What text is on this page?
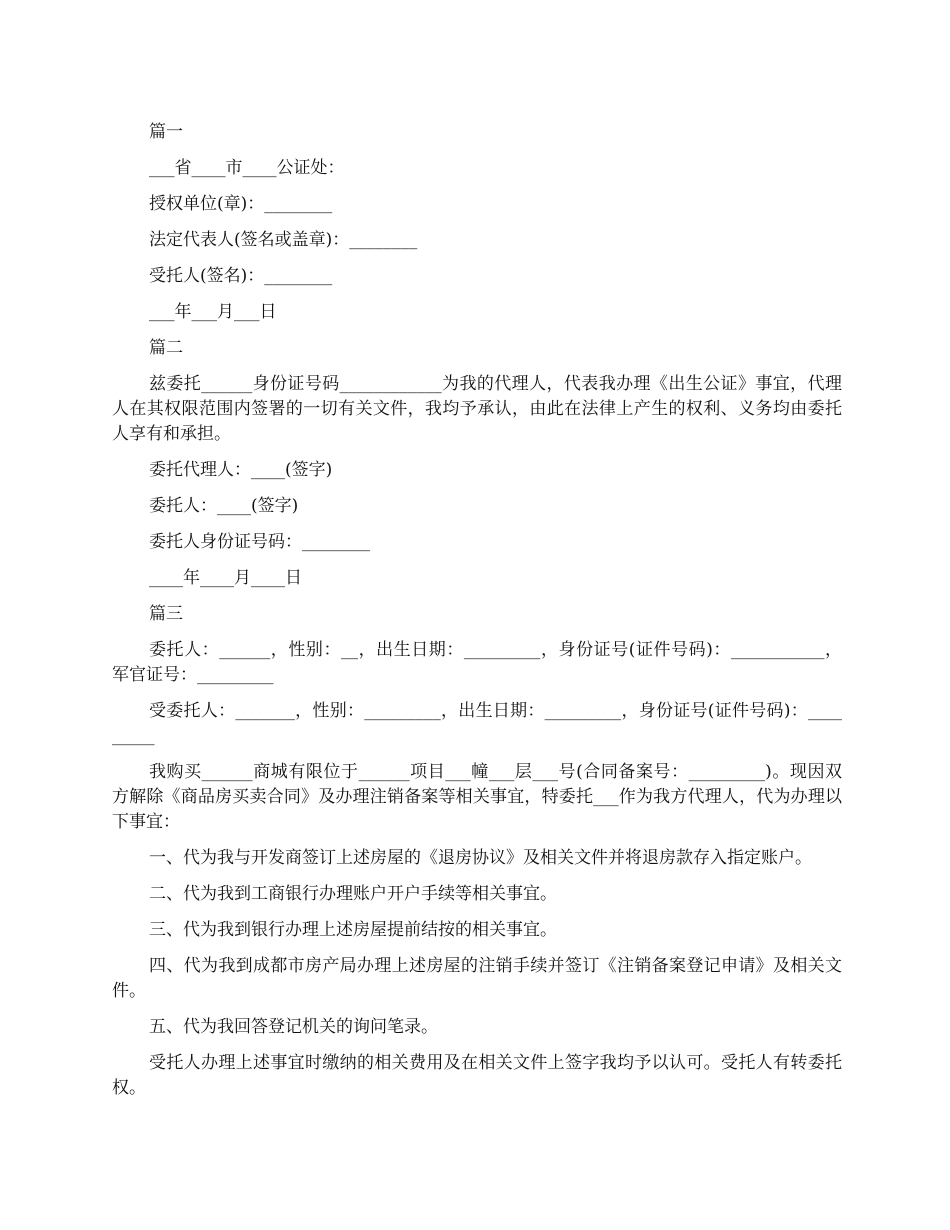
篇一

___省____市____公证处：

授权单位(章)：________

法定代表人(签名或盖章)：________

受托人(签名)：________

___年___月___日

篇二

兹委托______身份证号码____________为我的代理人，代表我办理《出生公证》事宜，代理人在其权限范围内签署的一切有关文件，我均予承认，由此在法律上产生的权利、义务均由委托人享有和承担。

委托代理人：____(签字)

委托人：____(签字)

委托人身份证号码：________

____年____月____日

篇三

委托人：______，性别：__，出生日期：_________，身份证号(证件号码)：___________，军官证号：_________

受委托人：_______，性别：_________，出生日期：_________，身份证号(证件号码)：_________

我购买______商城有限位于______项目___幢___层___号(合同备案号：_________)。现因双方解除《商品房买卖合同》及办理注销备案等相关事宜，特委托___作为我方代理人，代为办理以下事宜：

一、代为我与开发商签订上述房屋的《退房协议》及相关文件并将退房款存入指定账户。

二、代为我到工商银行办理账户开户手续等相关事宜。

三、代为我到银行办理上述房屋提前结按的相关事宜。

四、代为我到成都市房产局办理上述房屋的注销手续并签订《注销备案登记申请》及相关文件。

五、代为我回答登记机关的询问笔录。

受托人办理上述事宜时缴纳的相关费用及在相关文件上签字我均予以认可。受托人有转委托权。
